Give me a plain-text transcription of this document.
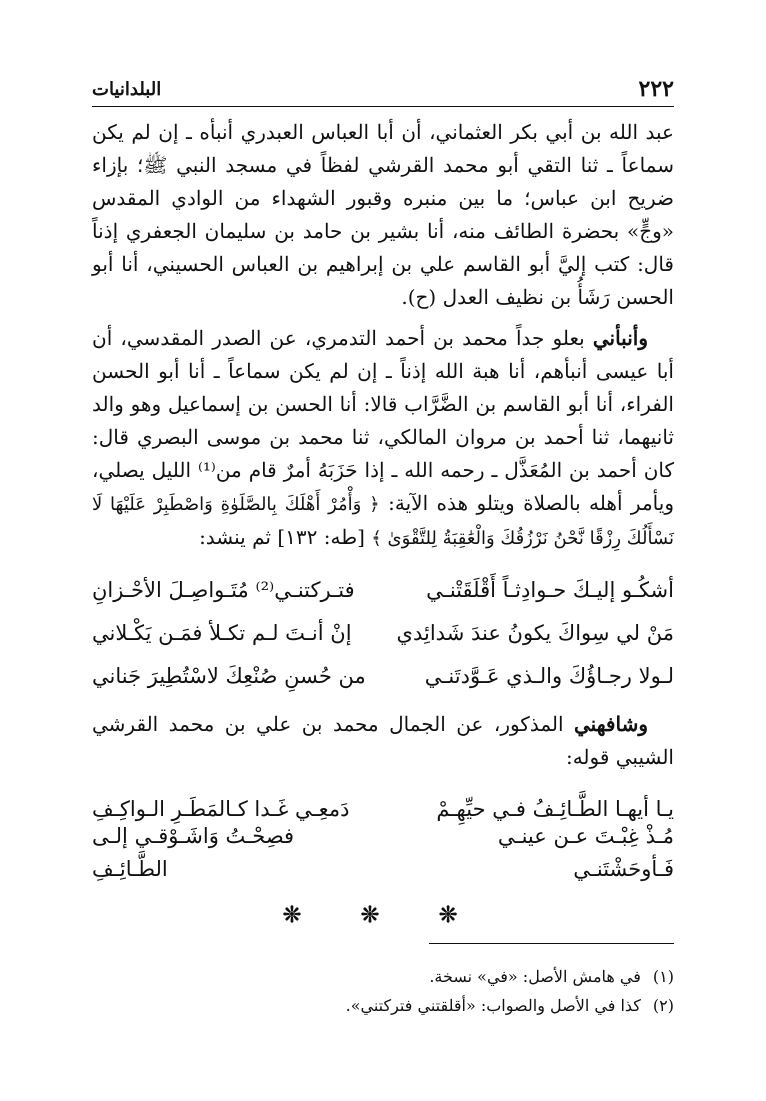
٢٢٢
البلدانيات

عبد الله بن أبي بكر العثماني، أن أبا العباس العبدري أنبأه ـ إن لم يكن سماعاً ـ ثنا التقي أبو محمد القرشي لفظاً في مسجد النبي ﷺ؛ بإزاء ضريح ابن عباس؛ ما بين منبره وقبور الشهداء من الوادي المقدس «وجٍّ» بحضرة الطائف منه، أنا بشير بن حامد بن سليمان الجعفري إذناً قال: كتب إليَّ أبو القاسم علي بن إبراهيم بن العباس الحسيني، أنا أبو الحسن رَشَأُ بن نظيف العدل (ح).

وأنبأني بعلو جداً محمد بن أحمد التدمري، عن الصدر المقدسي، أن أبا عيسى أنبأهم، أنا هبة الله إذناً ـ إن لم يكن سماعاً ـ أنا أبو الحسن الفراء، أنا أبو القاسم بن الضَّرَّاب قالا: أنا الحسن بن إسماعيل وهو والد ثانيهما، ثنا أحمد بن مروان المالكي، ثنا محمد بن موسى البصري قال: كان أحمد بن المُعَذَّل ـ رحمه الله ـ إذا حَزَبَهُ أمرٌ قام من⁽¹⁾ الليل يصلي، ويأمر أهله بالصلاة ويتلو هذه الآية: ﴿ وَأْمُرْ أَهْلَكَ بِالصَّلَوٰةِ وَاصْطَبِرْ عَلَيْهَا لَا نَسْأَلُكَ رِزْقًا نَّحْنُ نَرْزُقُكَ وَالْعَٰقِبَةُ لِلتَّقْوَىٰ ﴾ [طه: ١٣٢] ثم ينشد:

أشكُـو إليـكَ حـوادِثـاً أَقْلَقَتْنـي
فتـركتنـي⁽²⁾ مُتَـواصِـلَ الأحْـزانِ
مَنْ لي سِواكَ يكونُ عندَ شَدائِدي
إنْ أنـتَ لـم تكـلأ فمَـن يَكْـلاني
لـولا رجـاؤُكَ والـذي عَـوَّدتَنـي
من حُسنِ صُنْعِكَ لاسْتُطِيرَ جَناني

وشافهني المذكور، عن الجمال محمد بن علي بن محمد القرشي الشيبي قوله:

يـا أيهـا الطَّـائِـفُ فـي حيِّهِـمْ
دَمعِـي غَـدا كـالمَطَـرِ الـواكِـفِ
مُـذْ غِبْـتَ عـن عينـي فَـأوحَشْتَنـي
فصِحْـتُ وَاشَـوْقـي إلـى الطَّـائِـفِ
❊ ❊ ❊
(١)
في هامش الأصل: «في» نسخة.
(٢)
كذا في الأصل والصواب: «أقلقتني فتركتني».
